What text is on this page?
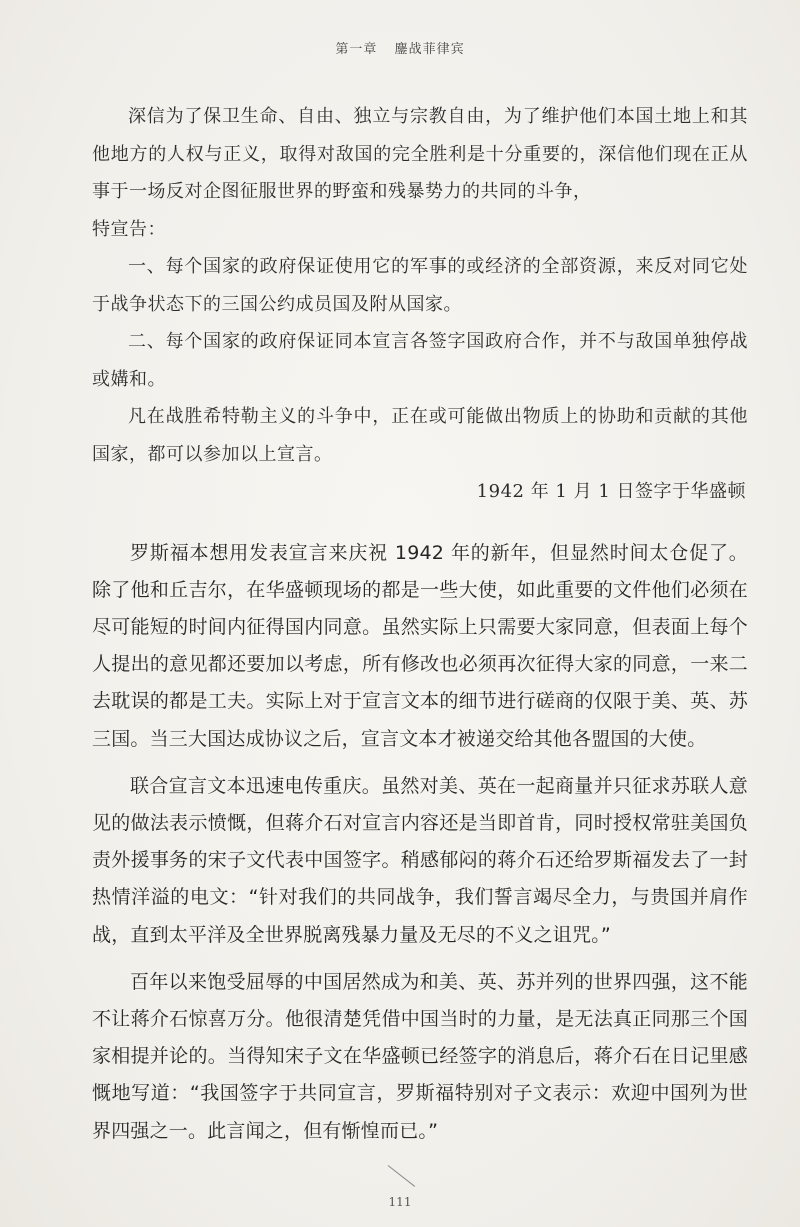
第一章 鏖战菲律宾

深信为了保卫生命、自由、独立与宗教自由，为了维护他们本国土地上和其他地方的人权与正义，取得对敌国的完全胜利是十分重要的，深信他们现在正从事于一场反对企图征服世界的野蛮和残暴势力的共同的斗争，

特宣告：

一、每个国家的政府保证使用它的军事的或经济的全部资源，来反对同它处于战争状态下的三国公约成员国及附从国家。

二、每个国家的政府保证同本宣言各签字国政府合作，并不与敌国单独停战或媾和。

凡在战胜希特勒主义的斗争中，正在或可能做出物质上的协助和贡献的其他国家，都可以参加以上宣言。

1942 年 1 月 1 日签字于华盛顿

罗斯福本想用发表宣言来庆祝 1942 年的新年，但显然时间太仓促了。除了他和丘吉尔，在华盛顿现场的都是一些大使，如此重要的文件他们必须在尽可能短的时间内征得国内同意。虽然实际上只需要大家同意，但表面上每个人提出的意见都还要加以考虑，所有修改也必须再次征得大家的同意，一来二去耽误的都是工夫。实际上对于宣言文本的细节进行磋商的仅限于美、英、苏三国。当三大国达成协议之后，宣言文本才被递交给其他各盟国的大使。

联合宣言文本迅速电传重庆。虽然对美、英在一起商量并只征求苏联人意见的做法表示愤慨，但蒋介石对宣言内容还是当即首肯，同时授权常驻美国负责外援事务的宋子文代表中国签字。稍感郁闷的蒋介石还给罗斯福发去了一封热情洋溢的电文：“针对我们的共同战争，我们誓言竭尽全力，与贵国并肩作战，直到太平洋及全世界脱离残暴力量及无尽的不义之诅咒。”

百年以来饱受屈辱的中国居然成为和美、英、苏并列的世界四强，这不能不让蒋介石惊喜万分。他很清楚凭借中国当时的力量，是无法真正同那三个国家相提并论的。当得知宋子文在华盛顿已经签字的消息后，蒋介石在日记里感慨地写道：“我国签字于共同宣言，罗斯福特别对子文表示：欢迎中国列为世界四强之一。此言闻之，但有惭惶而已。”

111
